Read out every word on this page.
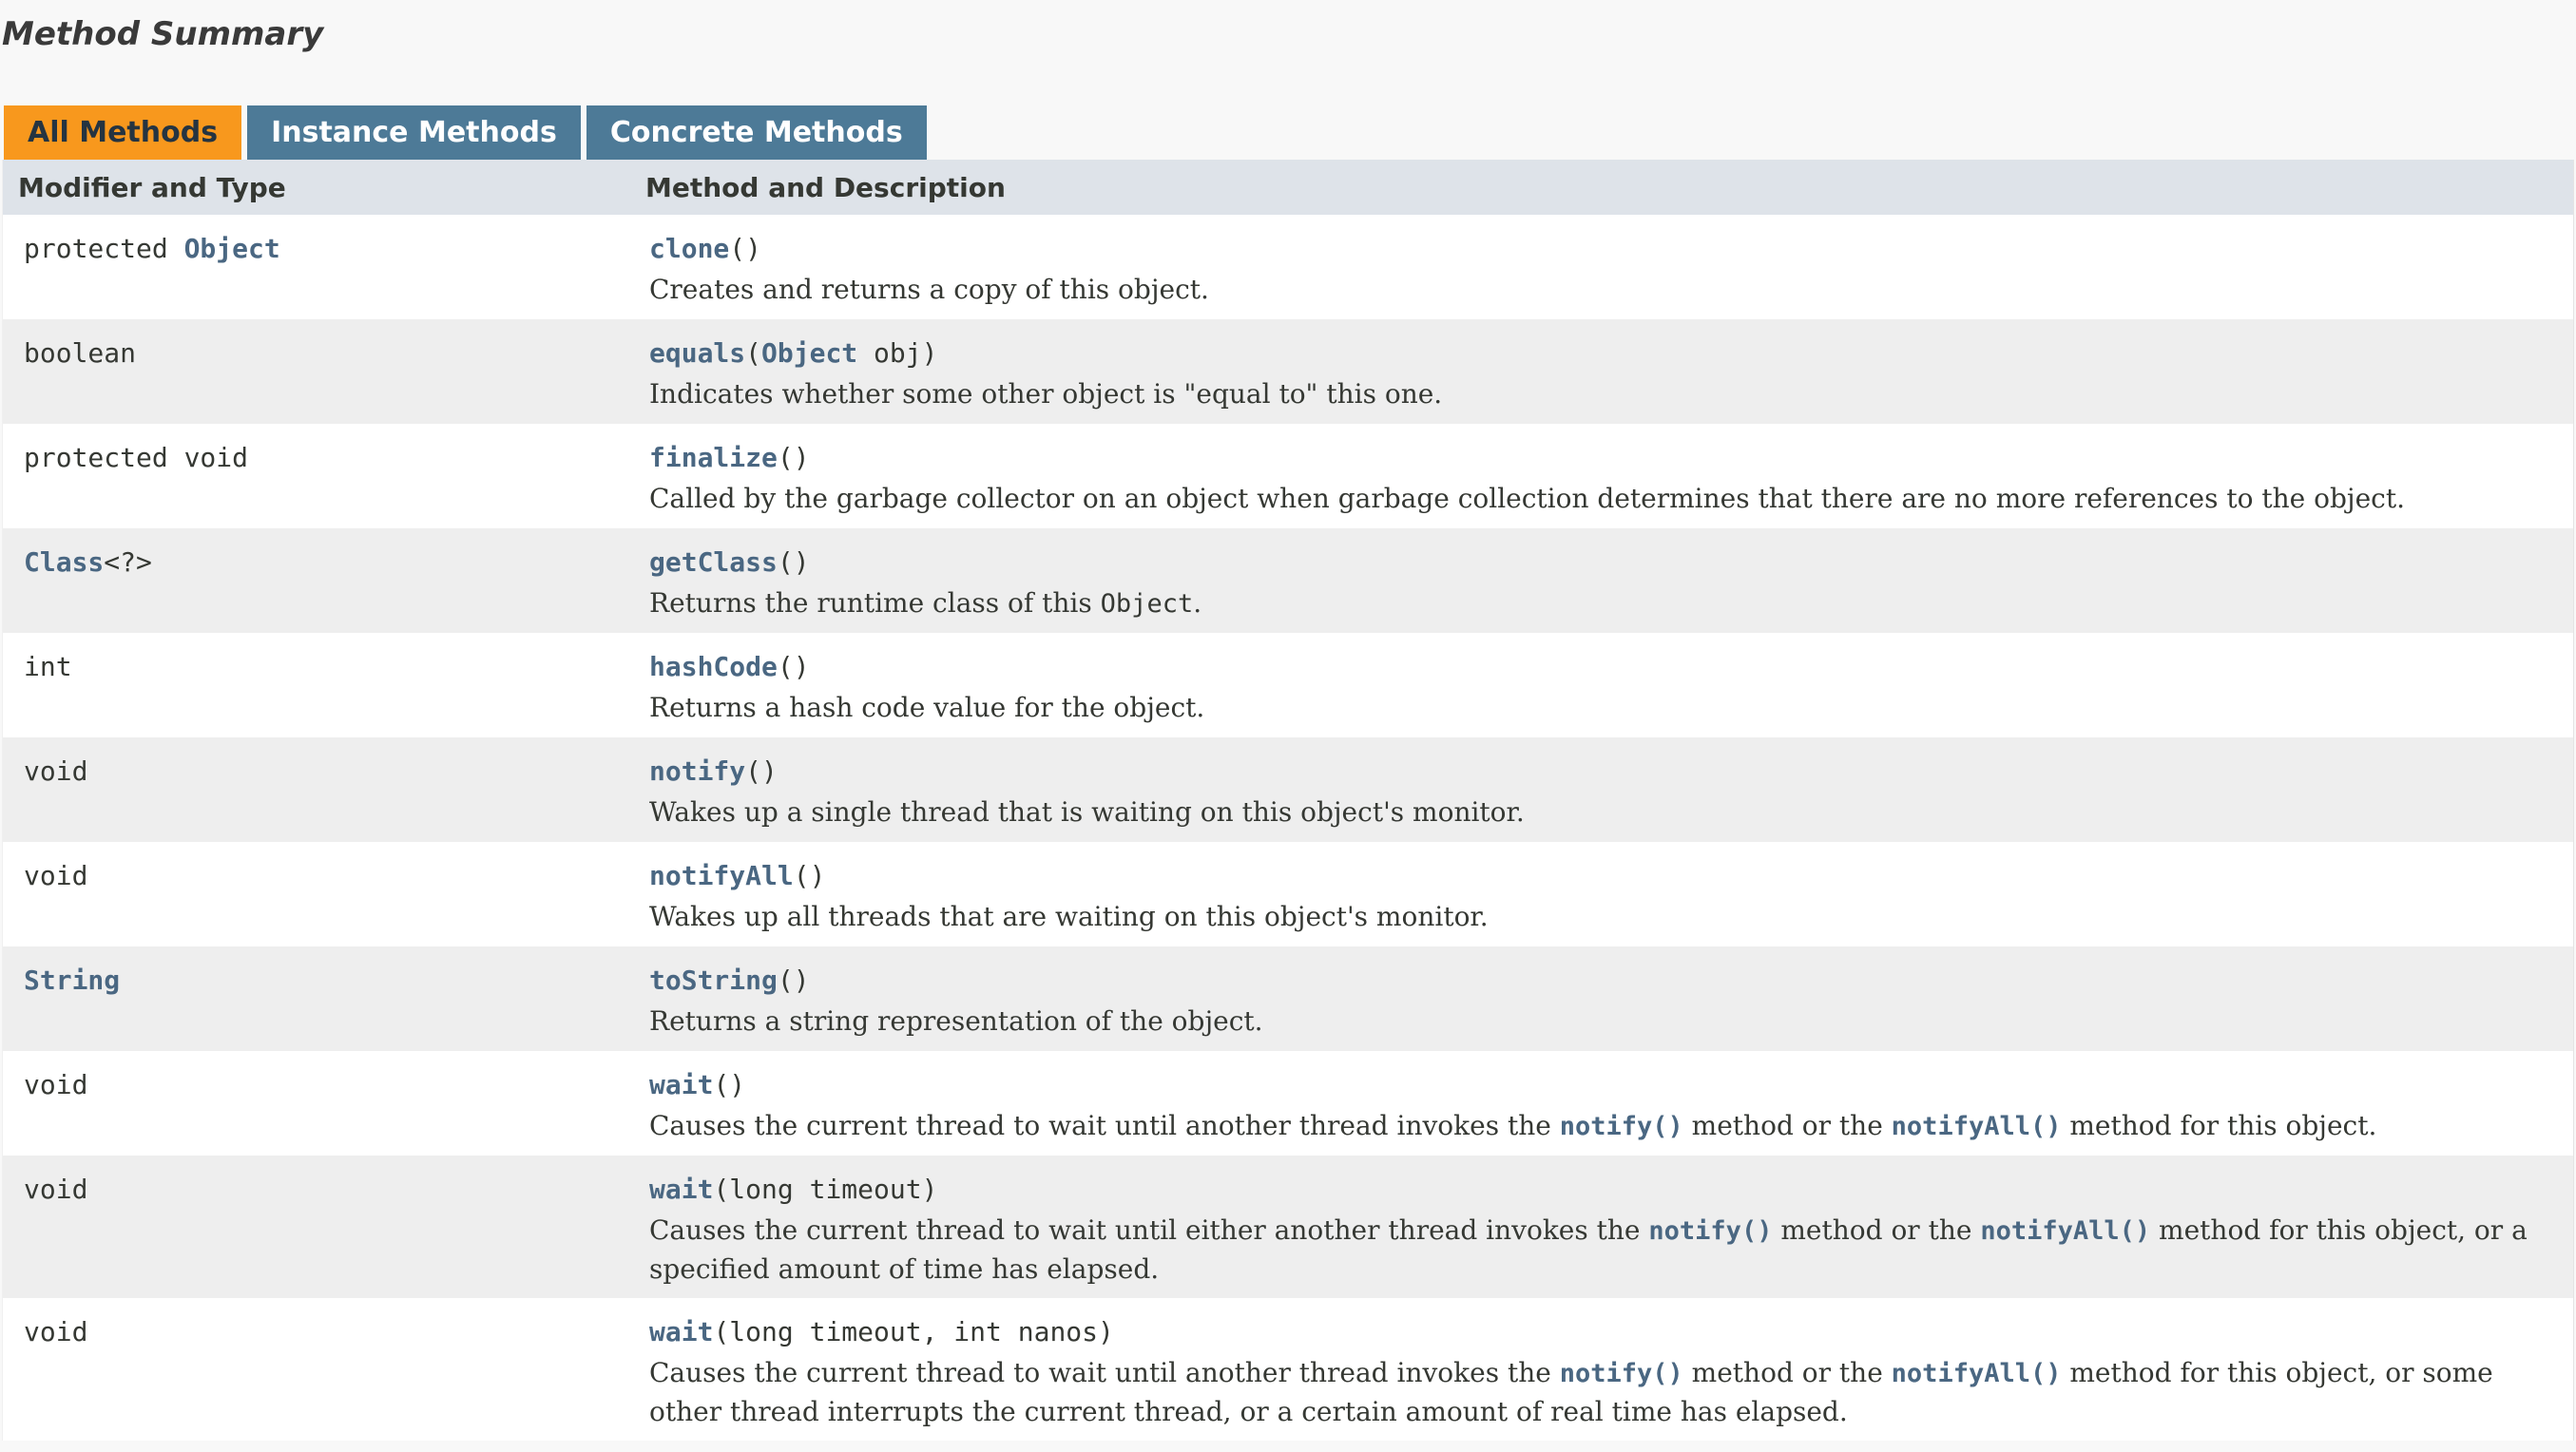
Method Summary
All Methods	Instance Methods	Concrete Methods
Modifier and Type	Method and Description
protected Object	clone()
Creates and returns a copy of this object.
boolean	equals(Object obj)
Indicates whether some other object is "equal to" this one.
protected void	finalize()
Called by the garbage collector on an object when garbage collection determines that there are no more references to the object.
Class<?>	getClass()
Returns the runtime class of this Object.
int	hashCode()
Returns a hash code value for the object.
void	notify()
Wakes up a single thread that is waiting on this object's monitor.
void	notifyAll()
Wakes up all threads that are waiting on this object's monitor.
String	toString()
Returns a string representation of the object.
void	wait()
Causes the current thread to wait until another thread invokes the notify() method or the notifyAll() method for this object.
void	wait(long timeout)
Causes the current thread to wait until either another thread invokes the notify() method or the notifyAll() method for this object, or a specified amount of time has elapsed.
void	wait(long timeout, int nanos)
Causes the current thread to wait until another thread invokes the notify() method or the notifyAll() method for this object, or some other thread interrupts the current thread, or a certain amount of real time has elapsed.
